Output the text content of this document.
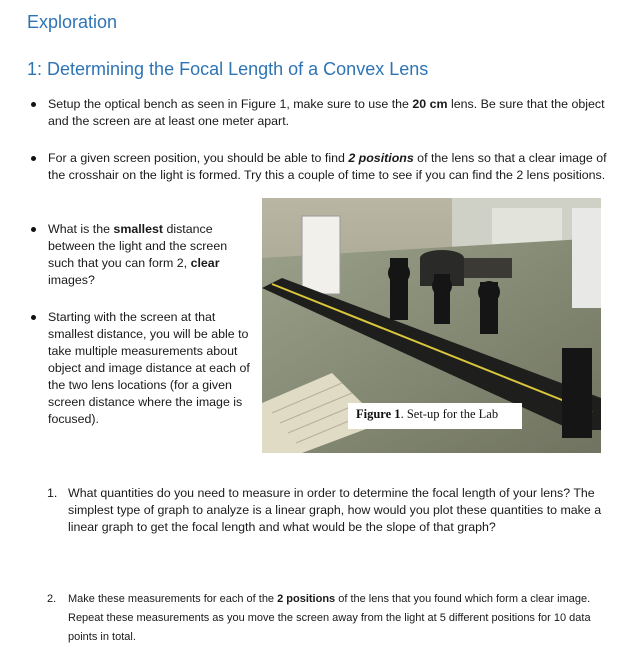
Exploration
1: Determining the Focal Length of a Convex Lens
Setup the optical bench as seen in Figure 1, make sure to use the 20 cm lens. Be sure that the object and the screen are at least one meter apart.
For a given screen position, you should be able to find 2 positions of the lens so that a clear image of the crosshair on the light is formed. Try this a couple of time to see if you can find the 2 lens positions.
What is the smallest distance between the light and the screen such that you can form 2, clear images?
Starting with the screen at that smallest distance, you will be able to take multiple measurements about object and image distance at each of the two lens locations (for a given screen distance where the image is focused).	Figure 1. Set-up for the Lab
1. What quantities do you need to measure in order to determine the focal length of your lens? The simplest type of graph to analyze is a linear graph, how would you plot these quantities to make a linear graph to get the focal length and what would be the slope of that graph?
2. Make these measurements for each of the 2 positions of the lens that you found which form a clear image. Repeat these measurements as you move the screen away from the light at 5 different positions for 10 data points in total.
